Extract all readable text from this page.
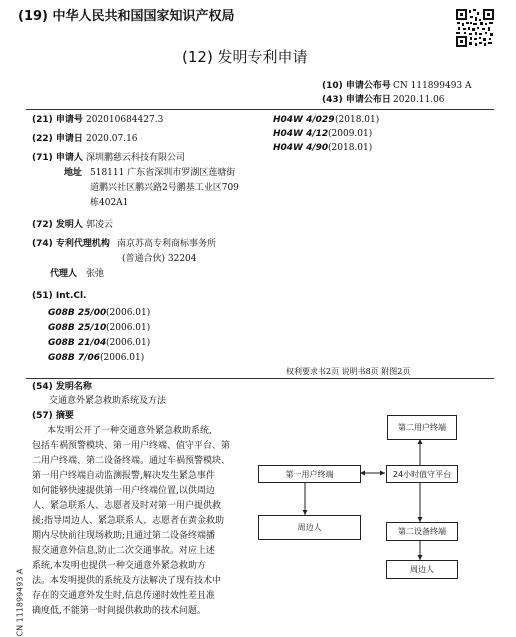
(19) 中华人民共和国国家知识产权局
(12) 发明专利申请
(10) 申请公布号 CN 111899493 A
(43) 申请公布日 2020.11.06
(21) 申请号 202010684427.3
(22) 申请日 2020.07.16
(71) 申请人 深圳鹏慈云科技有限公司
地址 518111 广东省深圳市罗湖区莲塘街
道鹏兴社区鹏兴路2号鹏基工业区709
栋402A1
(72) 发明人 郭凌云
(74) 专利代理机构 南京苏高专利商标事务所
(普通合伙) 32204
代理人 张弛
(51) Int.Cl.
G08B 25/00 (2006.01)
G08B 25/10 (2006.01)
G08B 21/04 (2006.01)
G08B 7/06 (2006.01)
H04W 4/029 (2018.01)
H04W 4/12 (2009.01)
H04W 4/90 (2018.01)
权利要求书2页 说明书8页 附图2页
(54) 发明名称
交通意外紧急救助系统及方法
(57) 摘要
本发明公开了一种交通意外紧急救助系统,
包括车祸预警模块、第一用户终端、值守平台、第
二用户终端、第二设备终端。通过车祸预警模块、
第一用户终端自动监测报警,解决发生紧急事件
如何能够快速提供第一用户终端位置,以供周边
人、紧急联系人、志愿者及时对第一用户提供救
援;指导周边人、紧急联系人、志愿者在黄金救助
期内尽快前往现场救助;且通过第二设备终端播
报交通意外信息,防止二次交通事故。对应上述
系统,本发明也提供一种交通意外紧急救助方
法。本发明提供的系统及方法解决了现有技术中
存在的交通意外发生时,信息传递时效性差且准
确度低,不能第一时间提供救助的技术问题。
CN 111899493 A
第二用户终端
第一用户终端	24小时值守平台
周边人	第二设备终端
周边人
